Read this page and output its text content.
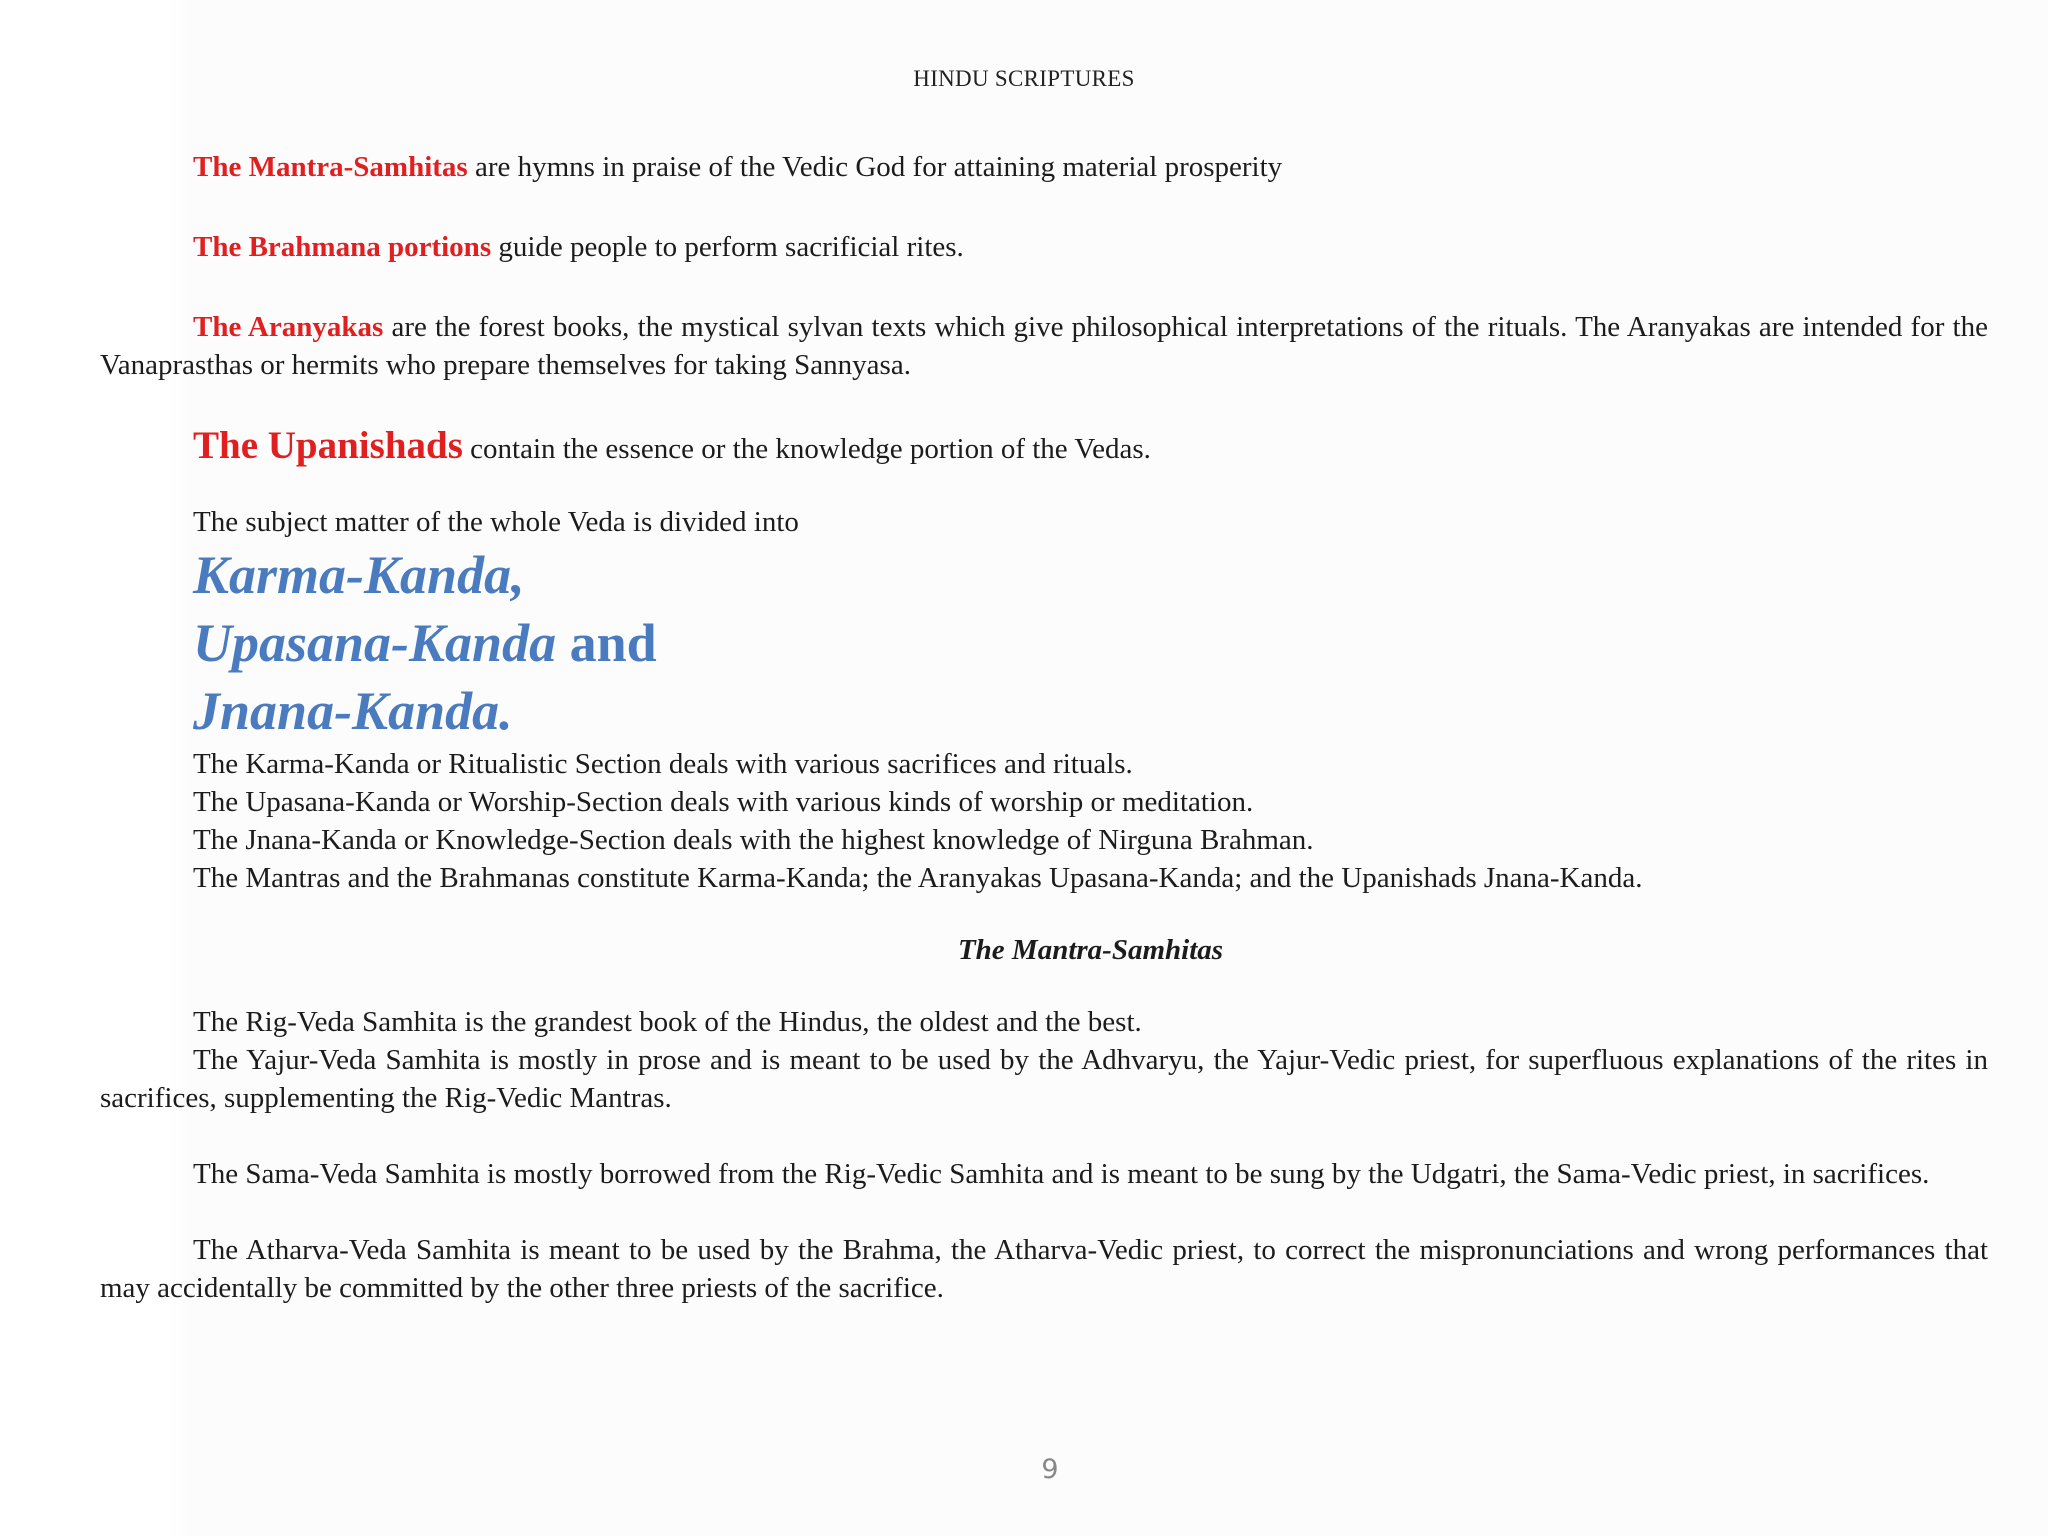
HINDU SCRIPTURES

The Mantra-Samhitas are hymns in praise of the Vedic God for attaining material prosperity

The Brahmana portions guide people to perform sacrificial rites.

The Aranyakas are the forest books, the mystical sylvan texts which give philosophical interpretations of the rituals. The Aranyakas are intended for the Vanaprasthas or hermits who prepare themselves for taking Sannyasa.

The Upanishads contain the essence or the knowledge portion of the Vedas.

The subject matter of the whole Veda is divided into

Karma-Kanda,

Upasana-Kanda and

Jnana-Kanda.

The Karma-Kanda or Ritualistic Section deals with various sacrifices and rituals.

The Upasana-Kanda or Worship-Section deals with various kinds of worship or meditation.

The Jnana-Kanda or Knowledge-Section deals with the highest knowledge of Nirguna Brahman.

The Mantras and the Brahmanas constitute Karma-Kanda; the Aranyakas Upasana-Kanda; and the Upanishads Jnana-Kanda.

The Mantra-Samhitas

The Rig-Veda Samhita is the grandest book of the Hindus, the oldest and the best.

The Yajur-Veda Samhita is mostly in prose and is meant to be used by the Adhvaryu, the Yajur-Vedic priest, for superfluous explanations of the rites in sacrifices, supplementing the Rig-Vedic Mantras.

The Sama-Veda Samhita is mostly borrowed from the Rig-Vedic Samhita and is meant to be sung by the Udgatri, the Sama-Vedic priest, in sacrifices.

The Atharva-Veda Samhita is meant to be used by the Brahma, the Atharva-Vedic priest, to correct the mispronunciations and wrong performances that may accidentally be committed by the other three priests of the sacrifice.

9
